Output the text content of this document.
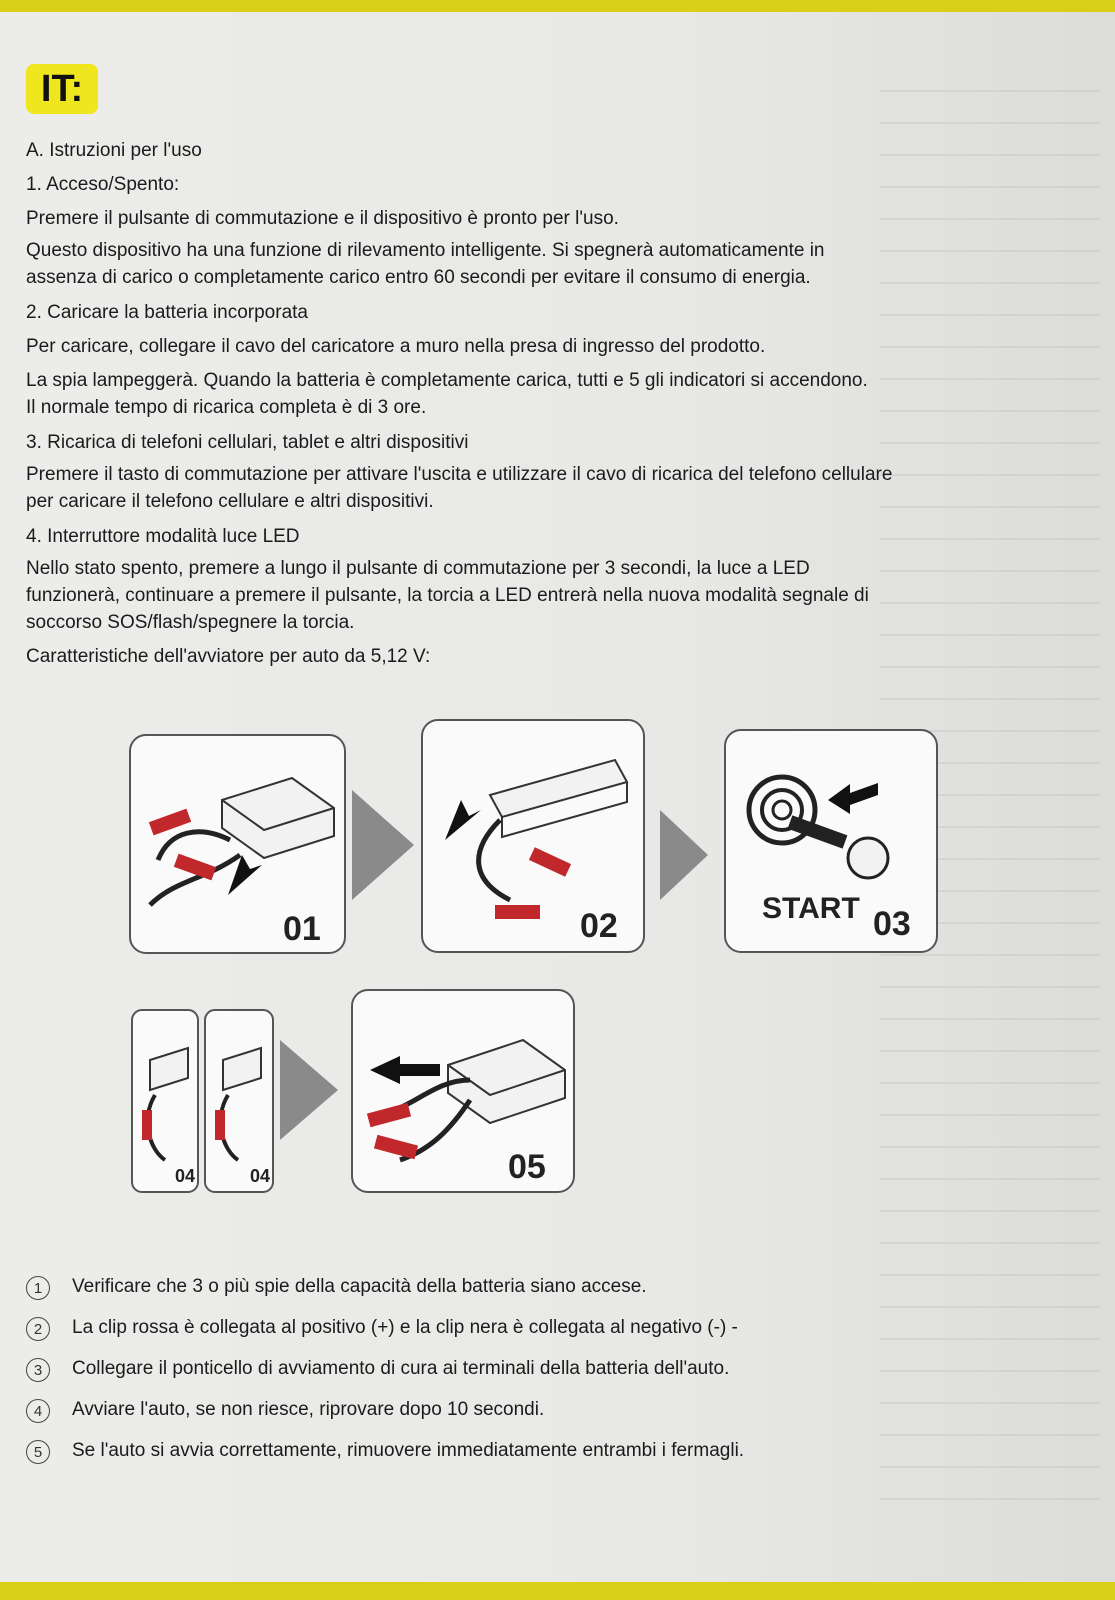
IT:
A. Istruzioni per l'uso
1. Acceso/Spento:
Premere il pulsante di commutazione e il dispositivo è pronto per l'uso.
Questo dispositivo ha una funzione di rilevamento intelligente. Si spegnerà automaticamente in
assenza di carico o completamente carico entro 60 secondi per evitare il consumo di energia.
2. Caricare la batteria incorporata
Per caricare, collegare il cavo del caricatore a muro nella presa di ingresso del prodotto.
La spia lampeggerà. Quando la batteria è completamente carica, tutti e 5 gli indicatori si accendono.
Il normale tempo di ricarica completa è di 3 ore.
3. Ricarica di telefoni cellulari, tablet e altri dispositivi
Premere il tasto di commutazione per attivare l'uscita e utilizzare il cavo di ricarica del telefono cellulare
per caricare il telefono cellulare e altri dispositivi.
4. Interruttore modalità luce LED
Nello stato spento, premere a lungo il pulsante di commutazione per 3 secondi, la luce a LED
funzionerà, continuare a premere il pulsante, la torcia a LED entrerà nella nuova modalità segnale di
soccorso SOS/flash/spegnere la torcia.
Caratteristiche dell'avviatore per auto da 5,12 V:
01	02	START 03
04	04	05
1	Verificare che 3 o più spie della capacità della batteria siano accese.
2	La clip rossa è collegata al positivo (+) e la clip nera è collegata al negativo (-) -
3	Collegare il ponticello di avviamento di cura ai terminali della batteria dell'auto.
4	Avviare l'auto, se non riesce, riprovare dopo 10 secondi.
5	Se l'auto si avvia correttamente, rimuovere immediatamente entrambi i fermagli.
